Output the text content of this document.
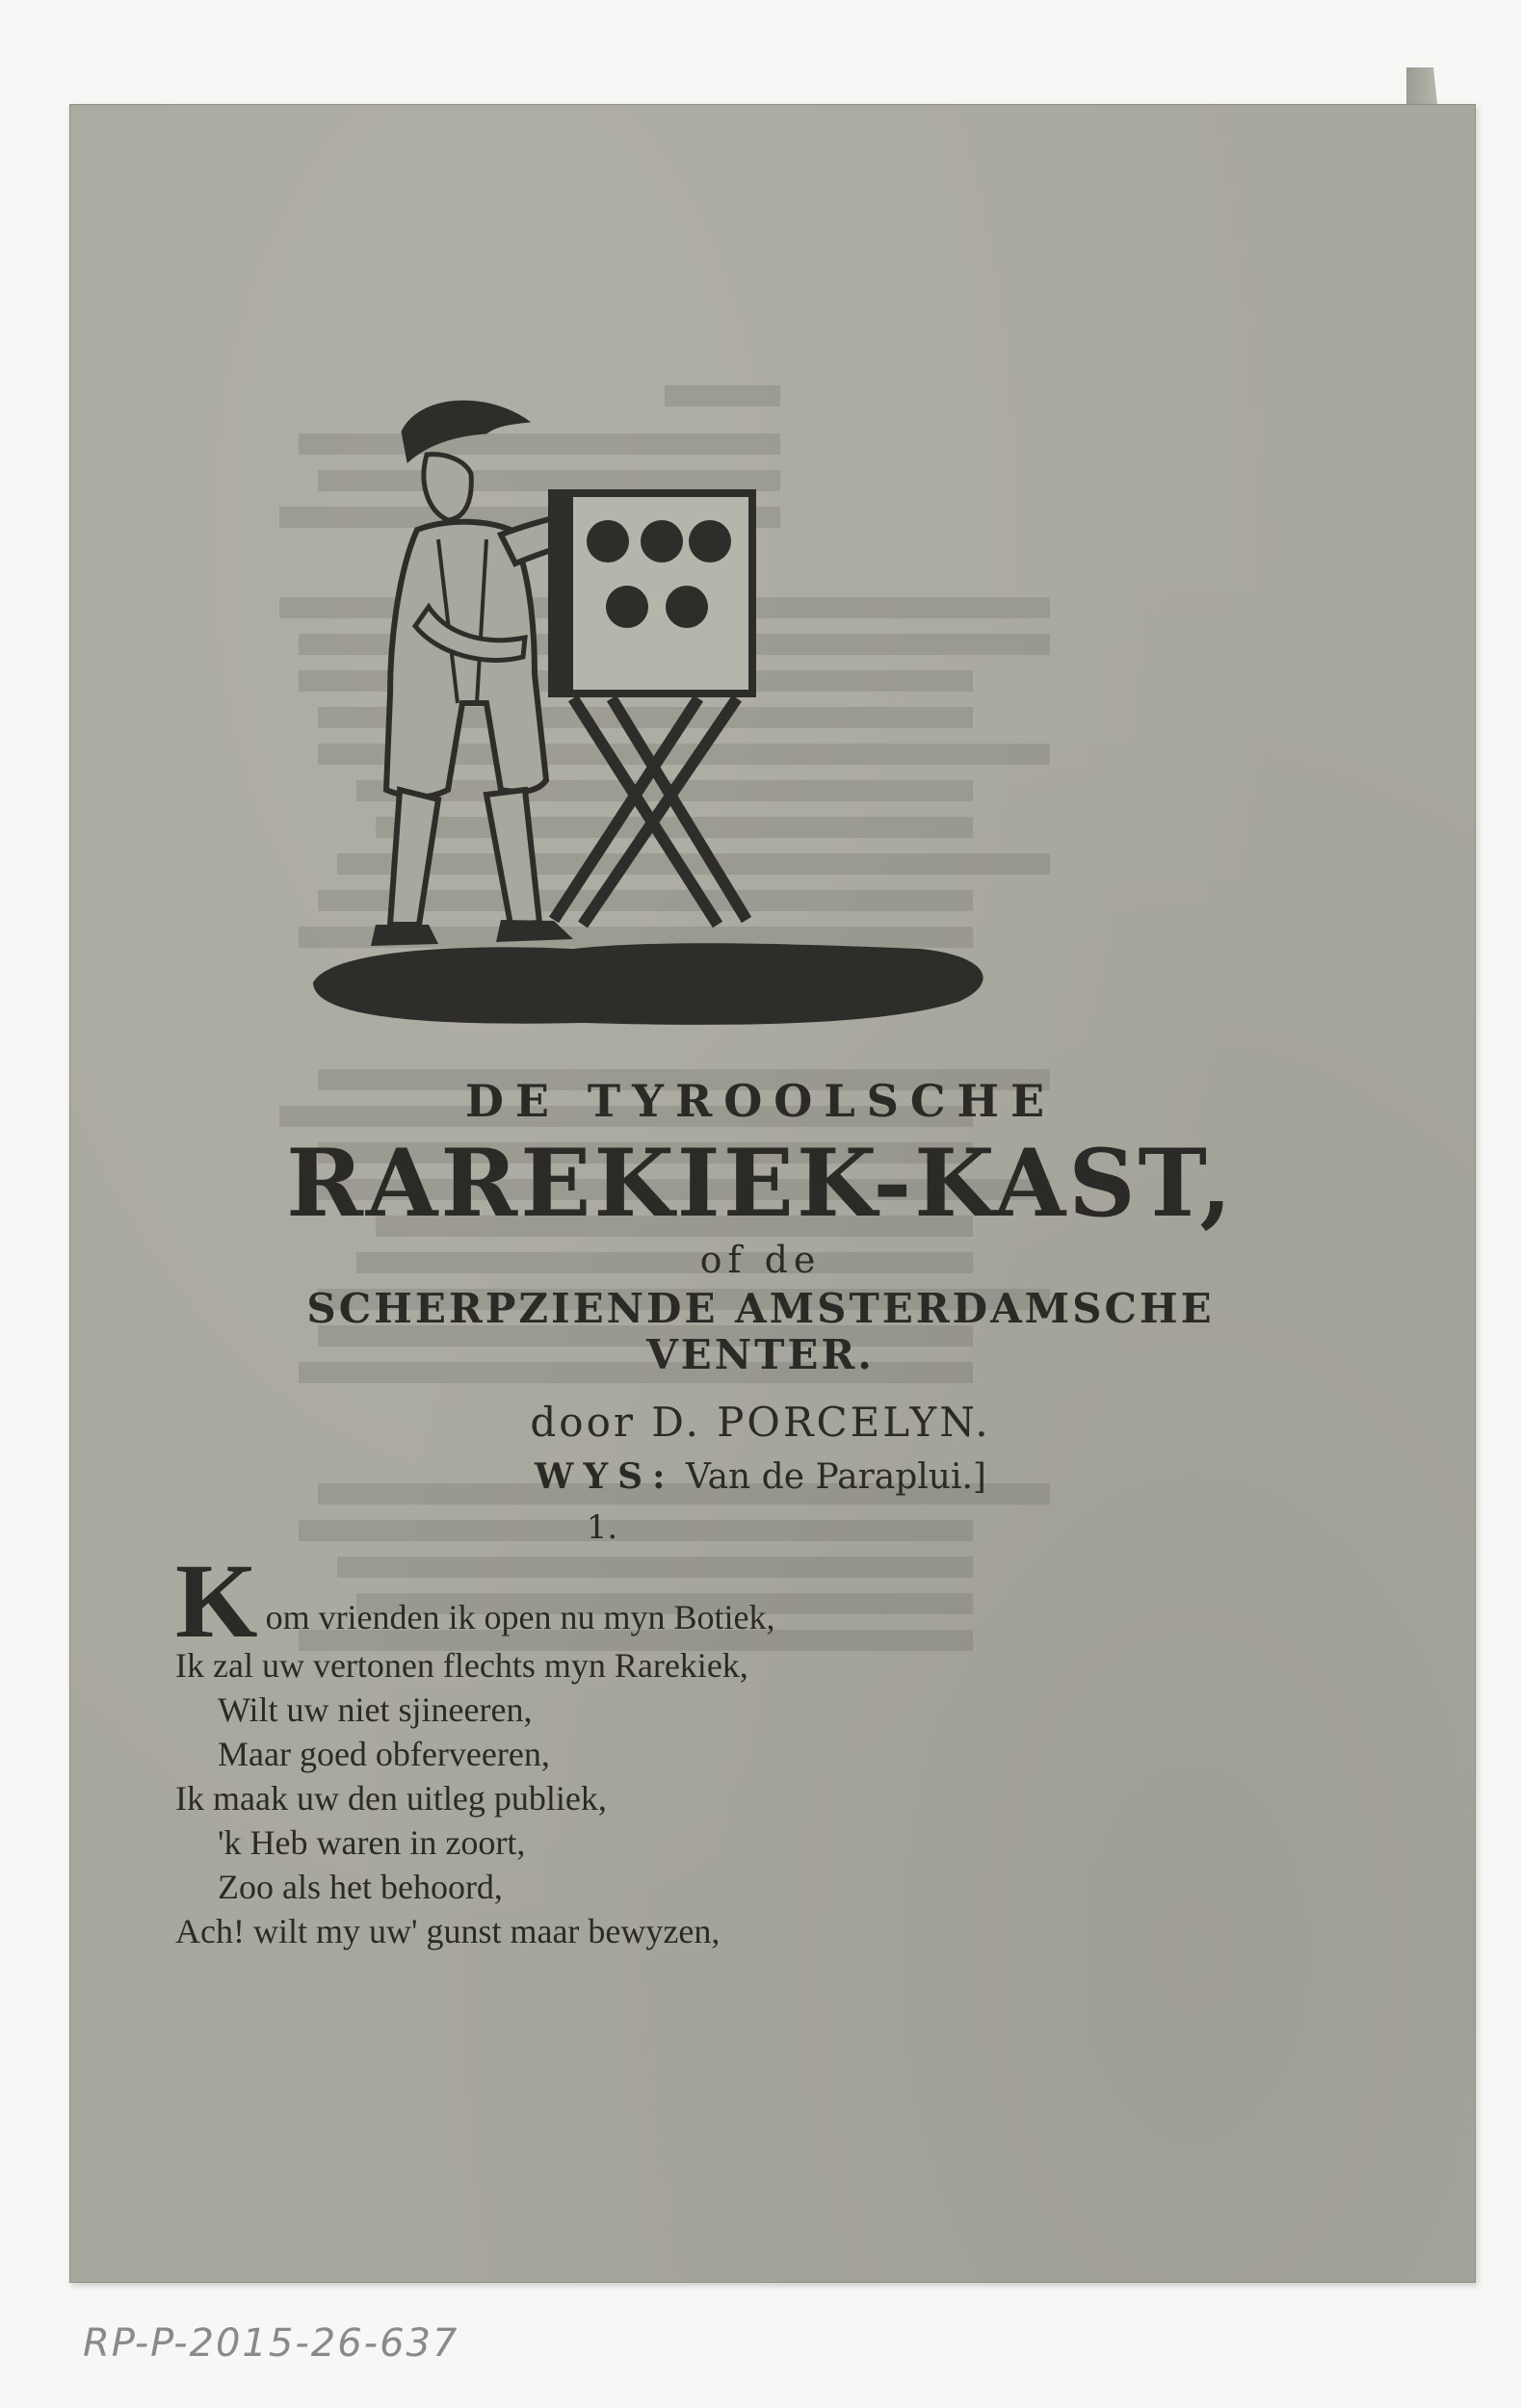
DE TYROOLSCHE
RAREKIEK-KAST,
of de
SCHERPZIENDE AMSTERDAMSCHE
VENTER.
door D. PORCELYN.
WYS: Van de Paraplui.]
1.
K om vrienden ik open nu myn Botiek,
Ik zal uw vertonen flechts myn Rarekiek,
Wilt uw niet sjineeren,
Maar goed obferveeren,
Ik maak uw den uitleg publiek,
'k Heb waren in zoort,
Zoo als het behoord,
Ach! wilt my uw' gunst maar bewyzen,
RP-P-2015-26-637
